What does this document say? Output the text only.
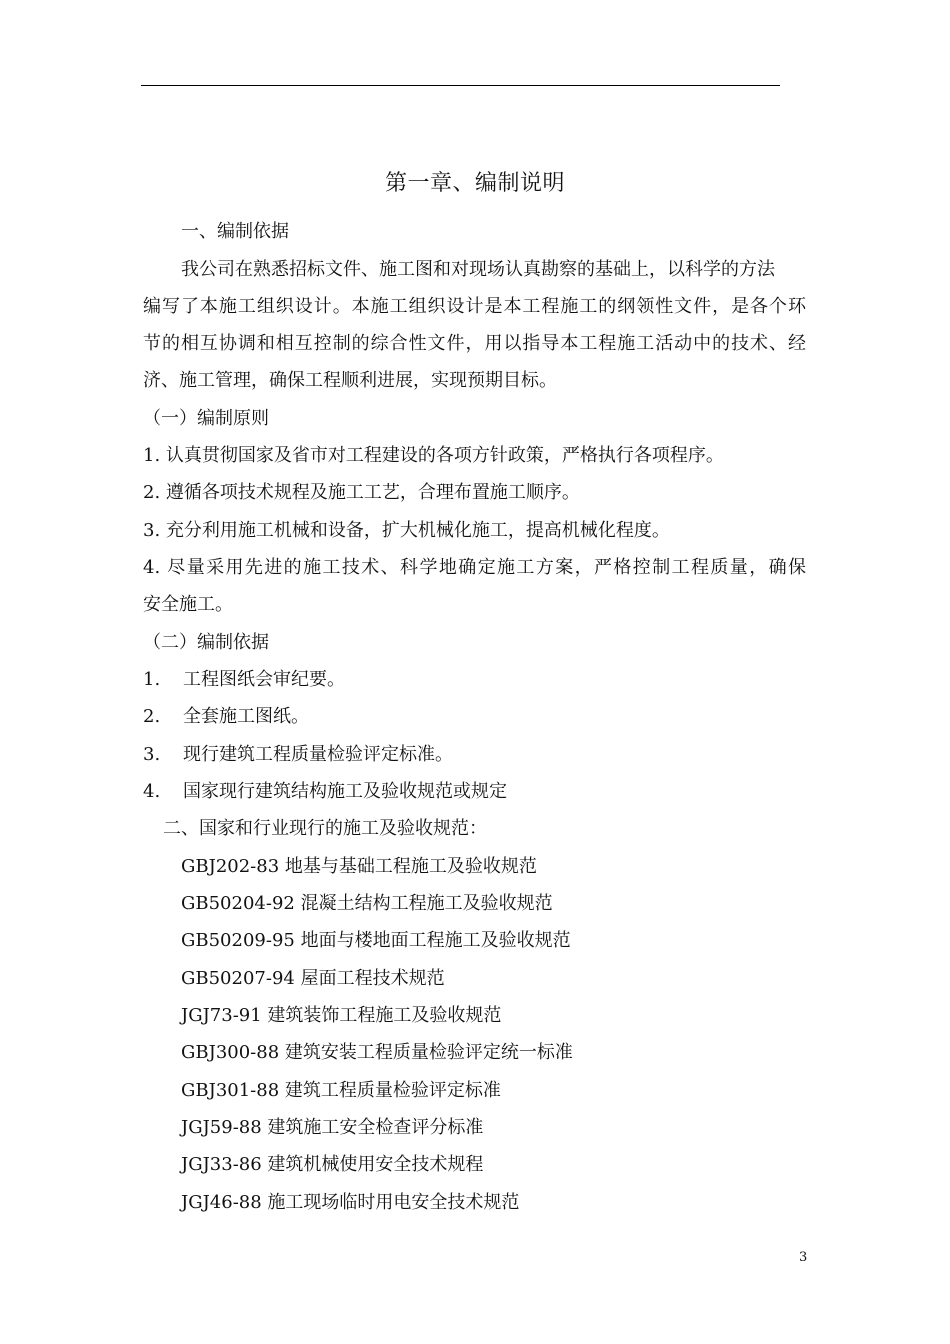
第一章、编制说明
一、编制依据
我公司在熟悉招标文件、施工图和对现场认真勘察的基础上，以科学的方法
编写了本施工组织设计。本施工组织设计是本工程施工的纲领性文件，是各个环
节的相互协调和相互控制的综合性文件，用以指导本工程施工活动中的技术、经
济、施工管理，确保工程顺利进展，实现预期目标。
（一）编制原则
1. 认真贯彻国家及省市对工程建设的各项方针政策，严格执行各项程序。
2. 遵循各项技术规程及施工工艺，合理布置施工顺序。
3. 充分利用施工机械和设备，扩大机械化施工，提高机械化程度。
4. 尽量采用先进的施工技术、科学地确定施工方案，严格控制工程质量，确保
安全施工。
（二）编制依据
1. 工程图纸会审纪要。
2. 全套施工图纸。
3. 现行建筑工程质量检验评定标准。
4. 国家现行建筑结构施工及验收规范或规定
二、国家和行业现行的施工及验收规范：
GBJ202-83 地基与基础工程施工及验收规范
GB50204-92 混凝土结构工程施工及验收规范
GB50209-95 地面与楼地面工程施工及验收规范
GB50207-94 屋面工程技术规范
JGJ73-91 建筑装饰工程施工及验收规范
GBJ300-88 建筑安装工程质量检验评定统一标准
GBJ301-88 建筑工程质量检验评定标准
JGJ59-88 建筑施工安全检查评分标准
JGJ33-86 建筑机械使用安全技术规程
JGJ46-88 施工现场临时用电安全技术规范
3
